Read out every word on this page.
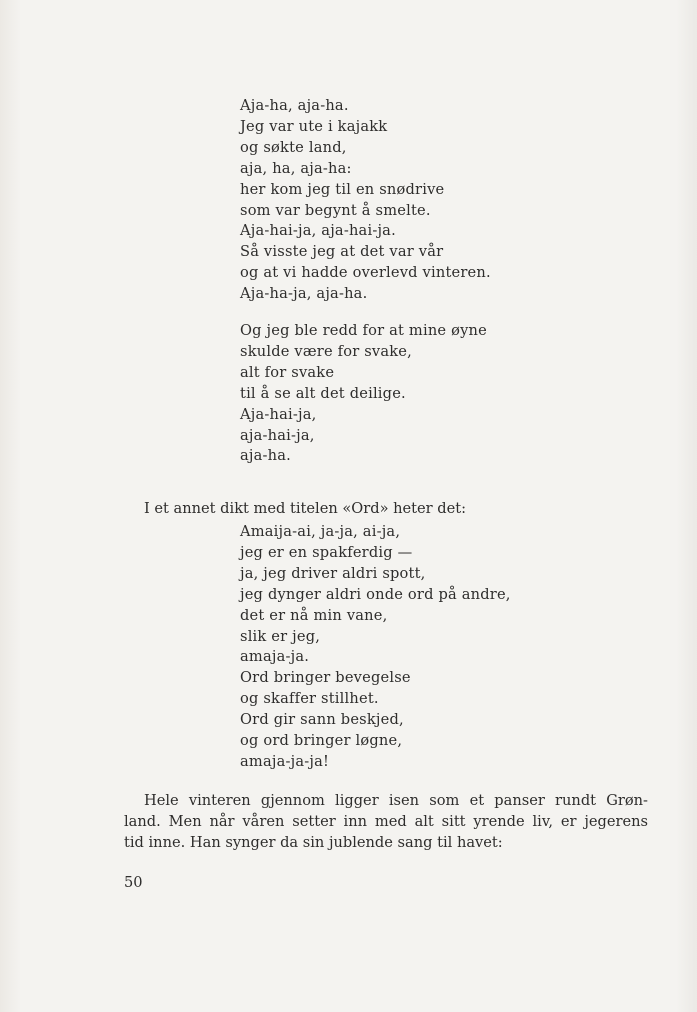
Aja-ha, aja-ha.
Jeg var ute i kajakk
og søkte land,
aja, ha, aja-ha:
her kom jeg til en snødrive
som var begynt å smelte.
Aja-hai-ja, aja-hai-ja.
Så visste jeg at det var vår
og at vi hadde overlevd vinteren.
Aja-ha-ja, aja-ha.
Og jeg ble redd for at mine øyne
skulde være for svake,
alt for svake
til å se alt det deilige.
Aja-hai-ja,
aja-hai-ja,
aja-ha.
I et annet dikt med titelen «Ord» heter det:
Amaija-ai, ja-ja, ai-ja,
jeg er en spakferdig —
ja, jeg driver aldri spott,
jeg dynger aldri onde ord på andre,
det er nå min vane,
slik er jeg,
amaja-ja.
Ord bringer bevegelse
og skaffer stillhet.
Ord gir sann beskjed,
og ord bringer løgne,
amaja-ja-ja!
Hele vinteren gjennom ligger isen som et panser rundt Grøn-
land. Men når våren setter inn med alt sitt yrende liv, er jegerens
tid inne. Han synger da sin jublende sang til havet:
50
